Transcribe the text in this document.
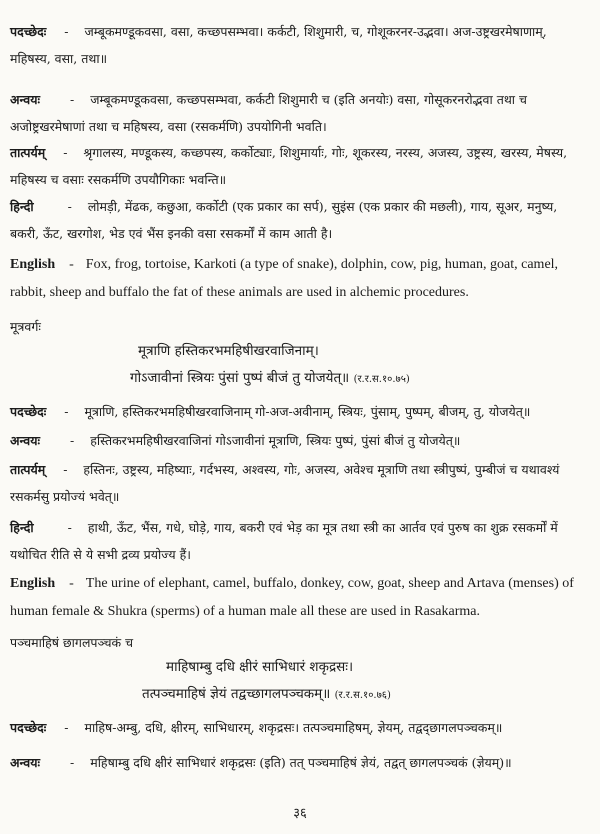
पदच्छेदः - जम्बूकमण्डूकवसा, वसा, कच्छपसम्भवा। कर्कटी, शिशुमारी, च, गोशूकरनर-उद्भवा। अज-उष्ट्रखरमेषाणाम्, महिषस्य, वसा, तथा॥
अन्वयः - जम्बूकमण्डूकवसा, कच्छपसम्भवा, कर्कटी शिशुमारी च (इति अनयोः) वसा, गोसूकरनरोद्भवा तथा च अजोष्ट्रखरमेषाणां तथा च महिषस्य, वसा (रसकर्मणि) उपयोगिनी भवति।
तात्पर्यम् - श्रृगालस्य, मण्डूकस्य, कच्छपस्य, कर्कोट्याः, शिशुमार्याः, गोः, शूकरस्य, नरस्य, अजस्य, उष्ट्रस्य, खरस्य, मेषस्य, महिषस्य च वसाः रसकर्मणि उपयौगिकाः भवन्ति॥
हिन्दी	- लोमड़ी, मेंढक, कछुआ, कर्कोटी (एक प्रकार का सर्प), सुइंस (एक प्रकार की मछली), गाय, सूअर, मनुष्य, बकरी, ऊँट, खरगोश, भेड एवं भैंस इनकी वसा रसकर्मों में काम आती है।
English - Fox, frog, tortoise, Karkoti (a type of snake), dolphin, cow, pig, human, goat, camel, rabbit, sheep and buffalo the fat of these animals are used in alchemic procedures.
मूत्रवर्गः
मूत्राणि हस्तिकरभमहिषीखरवाजिनाम्।
गोऽजावीनां स्त्रियः पुंसां पुष्पं बीजं तु योजयेत्॥ (र.र.स.१०.७५)
पदच्छेदः - मूत्राणि, हस्तिकरभमहिषीखरवाजिनाम् गो-अज-अवीनाम्, स्त्रियः, पुंसाम्, पुष्पम्, बीजम्, तु, योजयेत्॥
अन्वयः - हस्तिकरभमहिषीखरवाजिनां गोऽजावीनां मूत्राणि, स्त्रियः पुष्पं, पुंसां बीजं तु योजयेत्॥
तात्पर्यम् - हस्तिनः, उष्ट्रस्य, महिष्याः, गर्दभस्य, अश्वस्य, गोः, अजस्य, अवेश्च मूत्राणि तथा स्त्रीपुष्पं, पुम्बीजं च यथावश्यं रसकर्मसु प्रयोज्यं भवेत्॥
हिन्दी	- हाथी, ऊँट, भैंस, गधे, घोड़े, गाय, बकरी एवं भेड़ का मूत्र तथा स्त्री का आर्तव एवं पुरुष का शुक्र रसकर्मों में यथोचित रीति से ये सभी द्रव्य प्रयोज्य हैं।
English - The urine of elephant, camel, buffalo, donkey, cow, goat, sheep and Artava (menses) of human female & Shukra (sperms) of a human male all these are used in Rasakarma.
पञ्चमाहिषं छागलपञ्चकं च
माहिषाम्बु दधि क्षीरं साभिधारं शकृद्रसः।
तत्पञ्चमाहिषं ज्ञेयं तद्वच्छागलपञ्चकम्॥ (र.र.स.१०.७६)
पदच्छेदः - माहिष-अम्बु, दधि, क्षीरम्, साभिधारम्, शकृद्रसः। तत्पञ्चमाहिषम्, ज्ञेयम्, तद्वद्छागलपञ्चकम्॥
अन्वयः - महिषाम्बु दधि क्षीरं साभिधारं शकृद्रसः (इति) तत् पञ्चमाहिषं ज्ञेयं, तद्वत् छागलपञ्चकं (ज्ञेयम्)॥
३६
